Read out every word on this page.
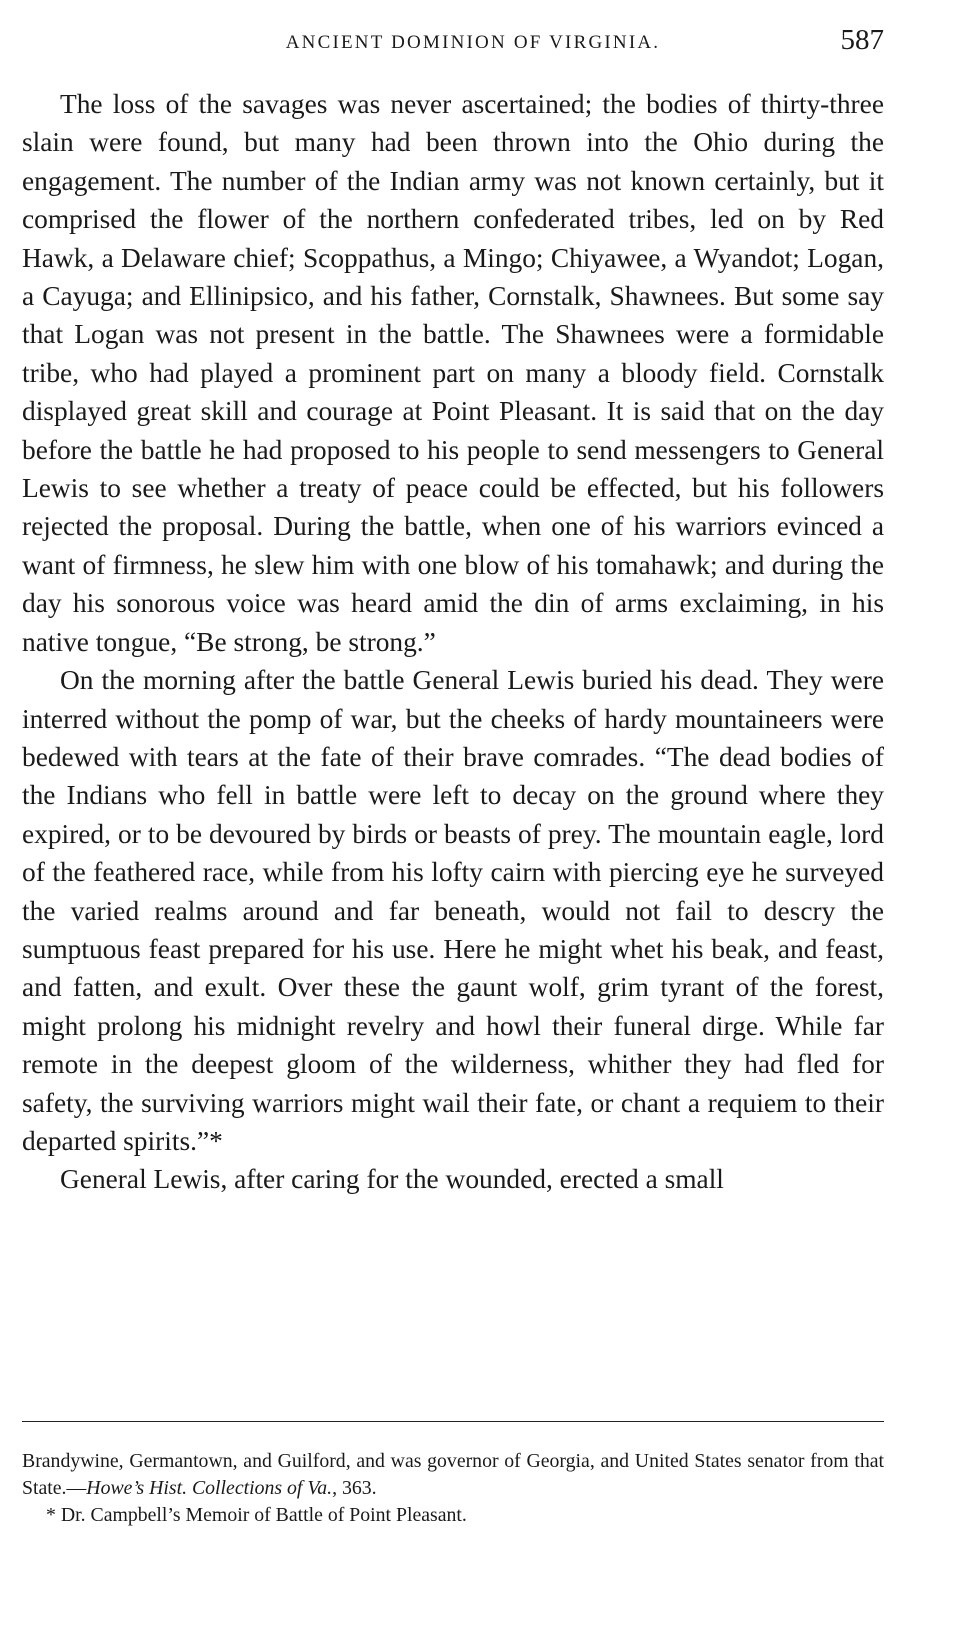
ANCIENT DOMINION OF VIRGINIA.	587

The loss of the savages was never ascertained; the bodies of thirty-three slain were found, but many had been thrown into the Ohio during the engagement. The number of the Indian army was not known certainly, but it comprised the flower of the northern confederated tribes, led on by Red Hawk, a Delaware chief; Scoppathus, a Mingo; Chiyawee, a Wyandot; Logan, a Cayuga; and Ellinipsico, and his father, Cornstalk, Shawnees. But some say that Logan was not present in the battle. The Shawnees were a formidable tribe, who had played a prominent part on many a bloody field. Cornstalk displayed great skill and courage at Point Pleasant. It is said that on the day before the battle he had proposed to his people to send messengers to General Lewis to see whether a treaty of peace could be effected, but his followers rejected the proposal. During the battle, when one of his warriors evinced a want of firmness, he slew him with one blow of his tomahawk; and during the day his sonorous voice was heard amid the din of arms exclaiming, in his native tongue, “Be strong, be strong.”

On the morning after the battle General Lewis buried his dead. They were interred without the pomp of war, but the cheeks of hardy mountaineers were bedewed with tears at the fate of their brave comrades. “The dead bodies of the Indians who fell in battle were left to decay on the ground where they expired, or to be devoured by birds or beasts of prey. The mountain eagle, lord of the feathered race, while from his lofty cairn with piercing eye he surveyed the varied realms around and far beneath, would not fail to descry the sumptuous feast prepared for his use. Here he might whet his beak, and feast, and fatten, and exult. Over these the gaunt wolf, grim tyrant of the forest, might prolong his midnight revelry and howl their funeral dirge. While far remote in the deepest gloom of the wilderness, whither they had fled for safety, the surviving warriors might wail their fate, or chant a requiem to their departed spirits.”*

General Lewis, after caring for the wounded, erected a small

Brandywine, Germantown, and Guilford, and was governor of Georgia, and United States senator from that State.—Howe’s Hist. Collections of Va., 363.

* Dr. Campbell’s Memoir of Battle of Point Pleasant.
